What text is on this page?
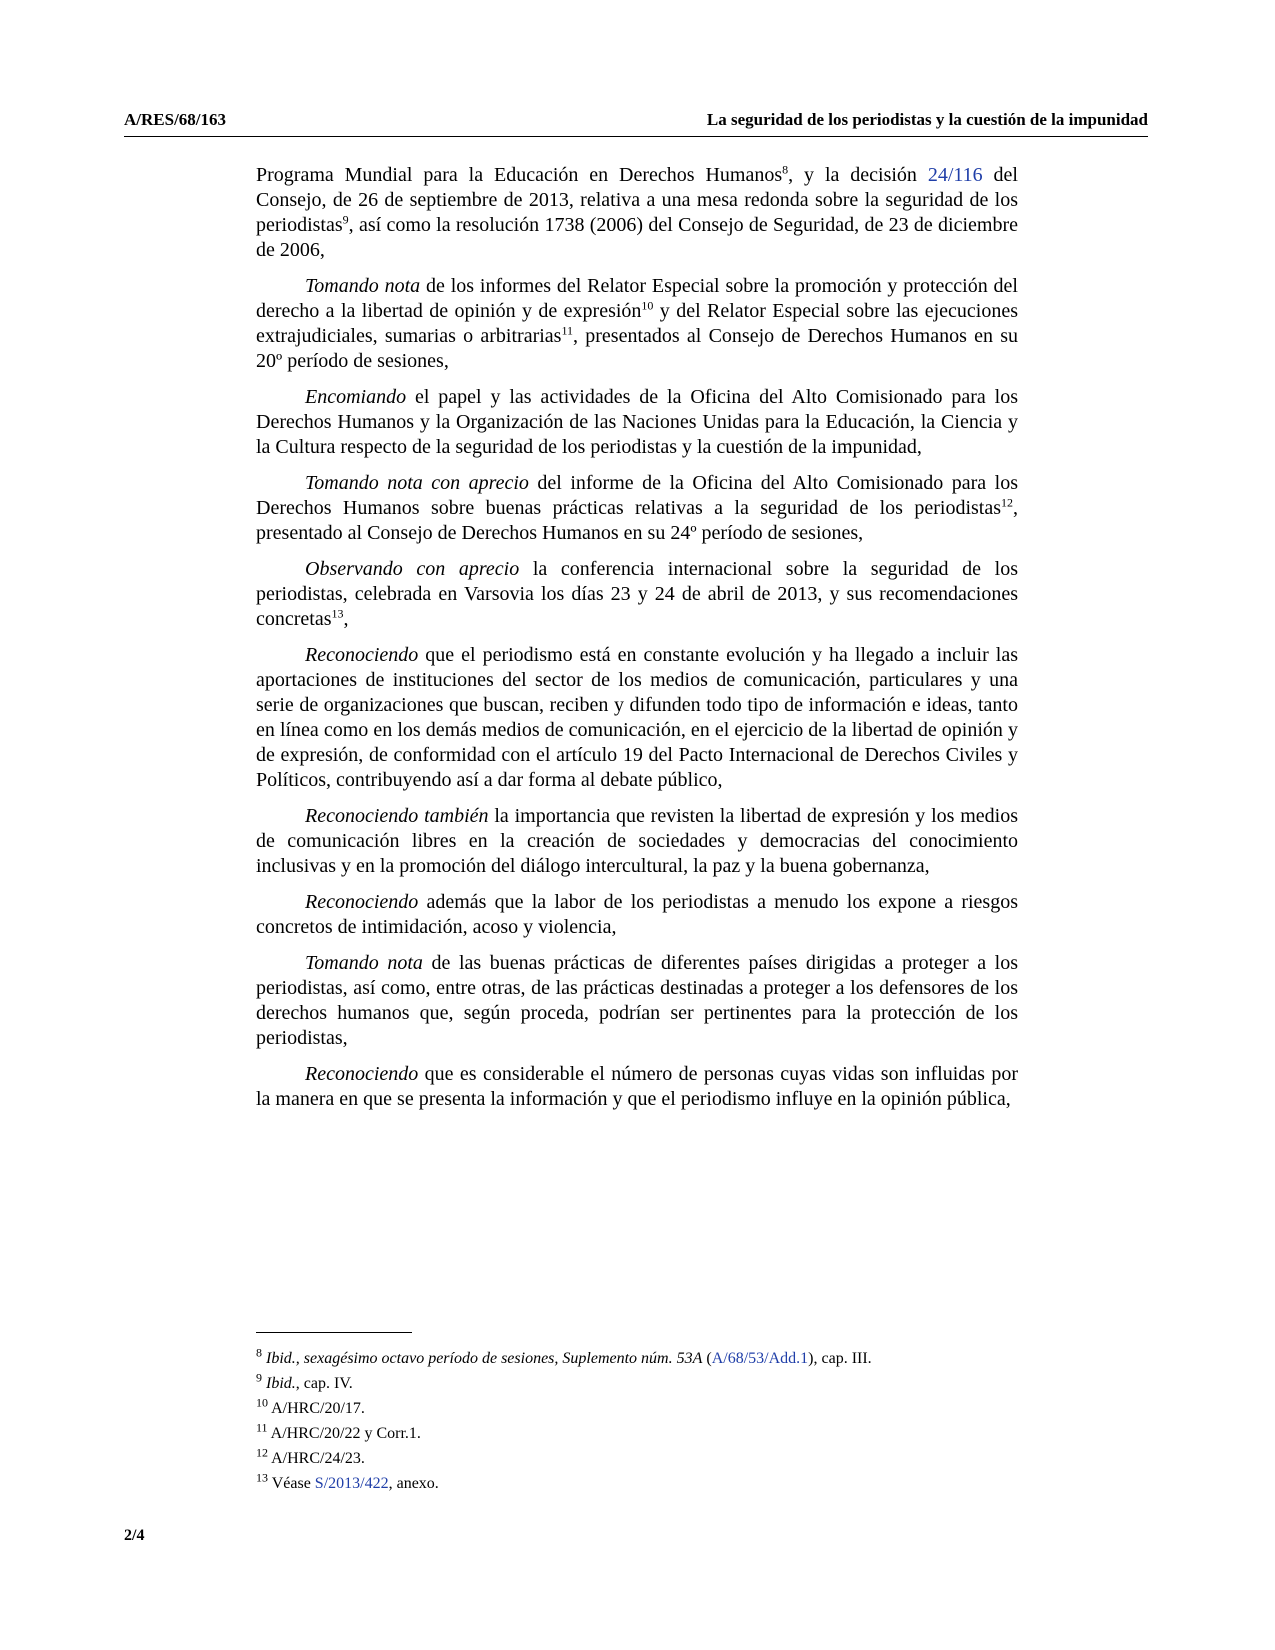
A/RES/68/163	La seguridad de los periodistas y la cuestión de la impunidad

Programa Mundial para la Educación en Derechos Humanos$^8$, y la decisión 24/116 del Consejo, de 26 de septiembre de 2013, relativa a una mesa redonda sobre la seguridad de los periodistas$^9$, así como la resolución 1738 (2006) del Consejo de Seguridad, de 23 de diciembre de 2006,

Tomando nota de los informes del Relator Especial sobre la promoción y protección del derecho a la libertad de opinión y de expresión$^{10}$ y del Relator Especial sobre las ejecuciones extrajudiciales, sumarias o arbitrarias$^{11}$, presentados al Consejo de Derechos Humanos en su 20º período de sesiones,

Encomiando el papel y las actividades de la Oficina del Alto Comisionado para los Derechos Humanos y la Organización de las Naciones Unidas para la Educación, la Ciencia y la Cultura respecto de la seguridad de los periodistas y la cuestión de la impunidad,

Tomando nota con aprecio del informe de la Oficina del Alto Comisionado para los Derechos Humanos sobre buenas prácticas relativas a la seguridad de los periodistas$^{12}$, presentado al Consejo de Derechos Humanos en su 24º período de sesiones,

Observando con aprecio la conferencia internacional sobre la seguridad de los periodistas, celebrada en Varsovia los días 23 y 24 de abril de 2013, y sus recomendaciones concretas$^{13}$,

Reconociendo que el periodismo está en constante evolución y ha llegado a incluir las aportaciones de instituciones del sector de los medios de comunicación, particulares y una serie de organizaciones que buscan, reciben y difunden todo tipo de información e ideas, tanto en línea como en los demás medios de comunicación, en el ejercicio de la libertad de opinión y de expresión, de conformidad con el artículo 19 del Pacto Internacional de Derechos Civiles y Políticos, contribuyendo así a dar forma al debate público,

Reconociendo también la importancia que revisten la libertad de expresión y los medios de comunicación libres en la creación de sociedades y democracias del conocimiento inclusivas y en la promoción del diálogo intercultural, la paz y la buena gobernanza,

Reconociendo además que la labor de los periodistas a menudo los expone a riesgos concretos de intimidación, acoso y violencia,

Tomando nota de las buenas prácticas de diferentes países dirigidas a proteger a los periodistas, así como, entre otras, de las prácticas destinadas a proteger a los defensores de los derechos humanos que, según proceda, podrían ser pertinentes para la protección de los periodistas,

Reconociendo que es considerable el número de personas cuyas vidas son influidas por la manera en que se presenta la información y que el periodismo influye en la opinión pública,

$^8$ Ibid., sexagésimo octavo período de sesiones, Suplemento núm. 53A (A/68/53/Add.1), cap. III.

$^9$ Ibid., cap. IV.

$^{10}$ A/HRC/20/17.

$^{11}$ A/HRC/20/22 y Corr.1.

$^{12}$ A/HRC/24/23.

$^{13}$ Véase S/2013/422, anexo.

2/4
